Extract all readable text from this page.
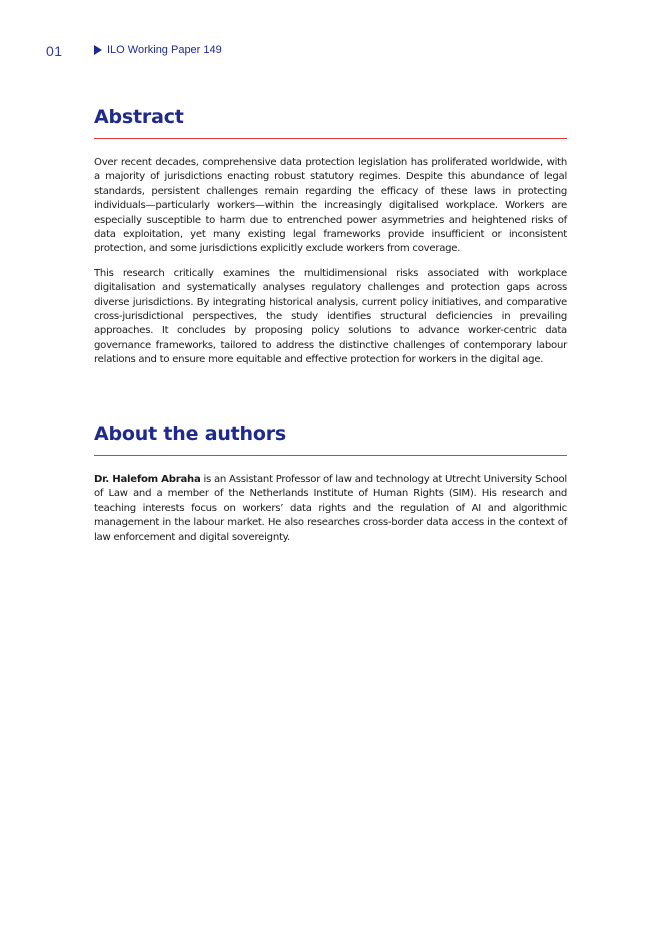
01	ILO Working Paper 149
Abstract

Over recent decades, comprehensive data protection legislation has proliferated worldwide, with a majority of jurisdictions enacting robust statutory regimes. Despite this abundance of legal standards, persistent challenges remain regarding the efficacy of these laws in protecting individuals—particularly workers—within the increasingly digitalised workplace. Workers are especially susceptible to harm due to entrenched power asymmetries and heightened risks of data exploitation, yet many existing legal frameworks provide insufficient or inconsistent protection, and some jurisdictions explicitly exclude workers from coverage.

This research critically examines the multidimensional risks associated with workplace digitalisation and systematically analyses regulatory challenges and protection gaps across diverse jurisdictions. By integrating historical analysis, current policy initiatives, and comparative cross-jurisdictional perspectives, the study identifies structural deficiencies in prevailing approaches. It concludes by proposing policy solutions to advance worker-centric data governance frameworks, tailored to address the distinctive challenges of contemporary labour relations and to ensure more equitable and effective protection for workers in the digital age.

About the authors

Dr. Halefom Abraha is an Assistant Professor of law and technology at Utrecht University School of Law and a member of the Netherlands Institute of Human Rights (SIM). His research and teaching interests focus on workers’ data rights and the regulation of AI and algorithmic management in the labour market. He also researches cross-border data access in the context of law enforcement and digital sovereignty.
